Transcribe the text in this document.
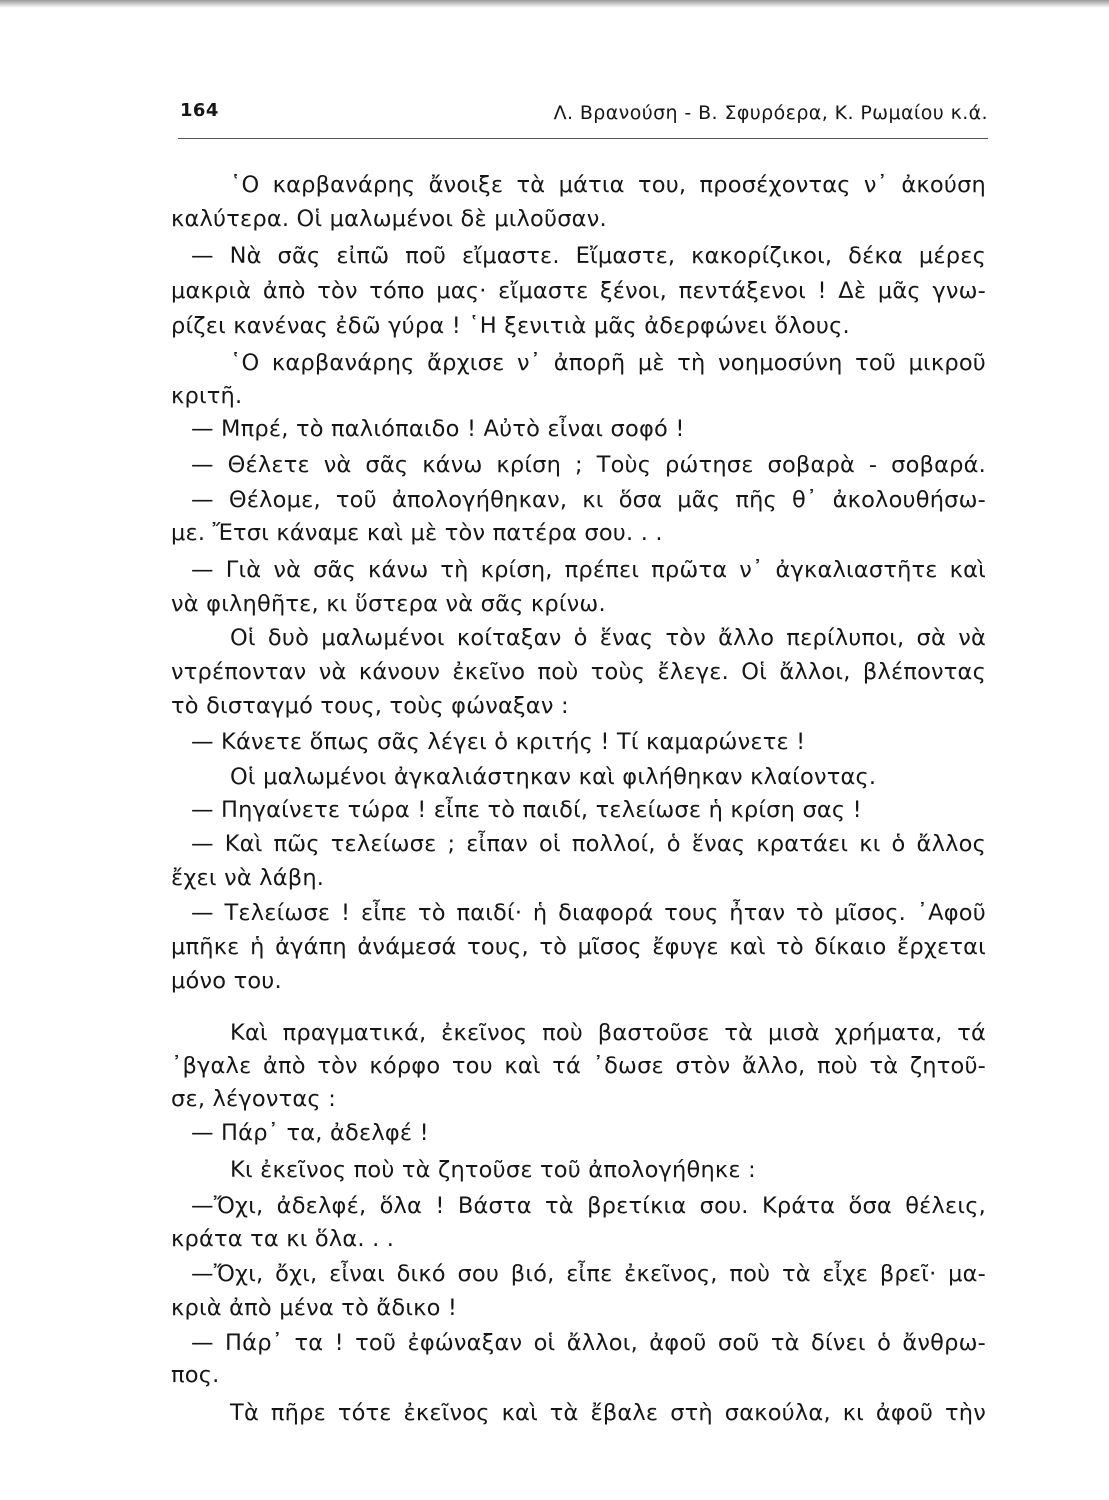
164	Λ. Βρανούση - Β. Σφυρόερα, Κ. Ρωμαίου κ.ά.
῾Ο καρβανάρης ἄνοιξε τὰ μάτια του, προσέχοντας ν᾽ ἀκούση
καλύτερα. Οἱ μαλωμένοι δὲ μιλοῦσαν.
— Νὰ σᾶς εἰπῶ ποῦ εἴμαστε. Εἴμαστε, κακορίζικοι, δέκα μέρες
μακριὰ ἀπὸ τὸν τόπο μας· εἴμαστε ξένοι, πεντάξενοι ! Δὲ μᾶς γνω-
ρίζει κανένας ἐδῶ γύρα ! ῾Η ξενιτιὰ μᾶς ἀδερφώνει ὅλους.
῾Ο καρβανάρης ἄρχισε ν᾽ ἀπορῆ μὲ τὴ νοημοσύνη τοῦ μικροῦ
κριτῆ.
— Μπρέ, τὸ παλιόπαιδο ! Αὐτὸ εἶναι σοφό !
— Θέλετε νὰ σᾶς κάνω κρίση ; Τοὺς ρώτησε σοβαρὰ - σοβαρά.
— Θέλομε, τοῦ ἀπολογήθηκαν, κι ὅσα μᾶς πῆς θ᾽ ἀκολουθήσω-
με. Ἔτσι κάναμε καὶ μὲ τὸν πατέρα σου. . .
— Γιὰ νὰ σᾶς κάνω τὴ κρίση, πρέπει πρῶτα ν᾽ ἀγκαλιαστῆτε καὶ
νὰ φιληθῆτε, κι ὕστερα νὰ σᾶς κρίνω.
Οἱ δυὸ μαλωμένοι κοίταξαν ὁ ἕνας τὸν ἄλλο περίλυποι, σὰ νὰ
ντρέπονταν νὰ κάνουν ἐκεῖνο ποὺ τοὺς ἔλεγε. Οἱ ἄλλοι, βλέποντας
τὸ δισταγμό τους, τοὺς φώναξαν :
— Κάνετε ὅπως σᾶς λέγει ὁ κριτής ! Τί καμαρώνετε !
Οἱ μαλωμένοι ἀγκαλιάστηκαν καὶ φιλήθηκαν κλαίοντας.
— Πηγαίνετε τώρα ! εἶπε τὸ παιδί, τελείωσε ἡ κρίση σας !
— Καὶ πῶς τελείωσε ; εἶπαν οἱ πολλοί, ὁ ἕνας κρατάει κι ὁ ἄλλος
ἔχει νὰ λάβη.
— Τελείωσε ! εἶπε τὸ παιδί· ἡ διαφορά τους ἦταν τὸ μῖσος. ᾿Αφοῦ
μπῆκε ἡ ἀγάπη ἀνάμεσά τους, τὸ μῖσος ἔφυγε καὶ τὸ δίκαιο ἔρχεται
μόνο του.
Καὶ πραγματικά, ἐκεῖνος ποὺ βαστοῦσε τὰ μισὰ χρήματα, τά
᾿βγαλε ἀπὸ τὸν κόρφο του καὶ τά ᾿δωσε στὸν ἄλλο, ποὺ τὰ ζητοῦ-
σε, λέγοντας :
— Πάρ᾽ τα, ἀδελφέ !
Κι ἐκεῖνος ποὺ τὰ ζητοῦσε τοῦ ἀπολογήθηκε :
—Ὄχι, ἀδελφέ, ὅλα ! Βάστα τὰ βρετίκια σου. Κράτα ὅσα θέλεις,
κράτα τα κι ὅλα. . .
—Ὄχι, ὄχι, εἶναι δικό σου βιό, εἶπε ἐκεῖνος, ποὺ τὰ εἶχε βρεῖ· μα-
κριὰ ἀπὸ μένα τὸ ἄδικο !
— Πάρ᾽ τα ! τοῦ ἐφώναξαν οἱ ἄλλοι, ἀφοῦ σοῦ τὰ δίνει ὁ ἄνθρω-
πος.
Τὰ πῆρε τότε ἐκεῖνος καὶ τὰ ἔβαλε στὴ σακούλα, κι ἀφοῦ τὴν
